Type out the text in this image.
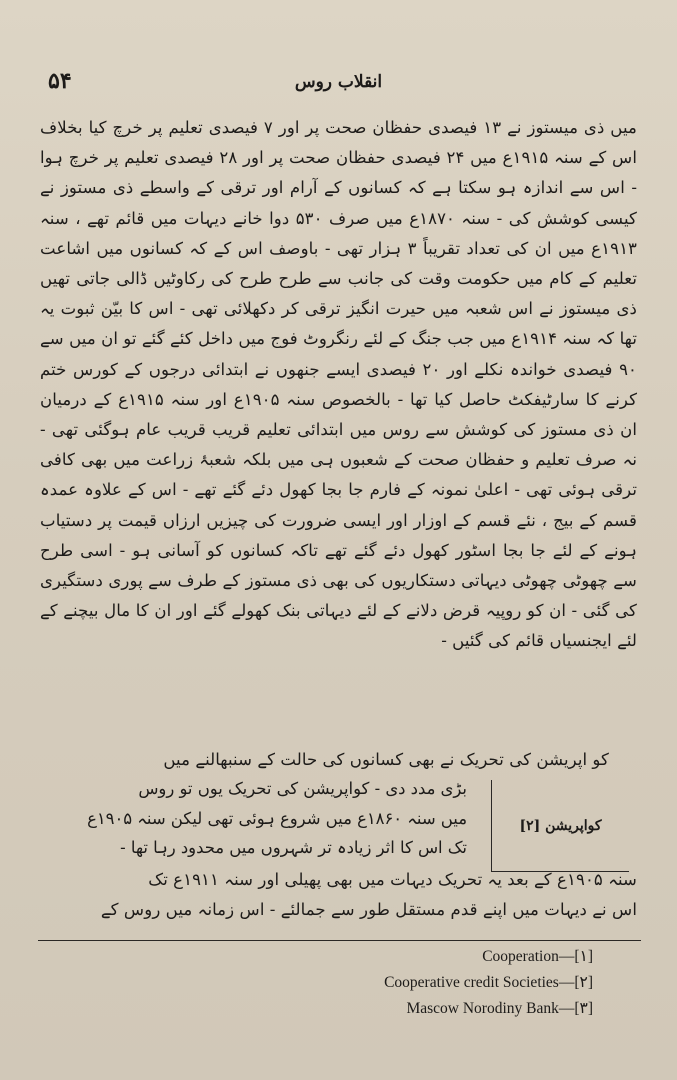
۵۴	انقلاب روس

میں ذی میستوز نے ۱۳ فیصدی حفظان صحت پر اور ۷ فیصدی تعلیم پر خرچ کیا بخلاف اس کے سنہ ۱۹۱۵ع میں ۲۴ فیصدی حفظان صحت پر اور ۲۸ فیصدی تعلیم پر خرچ ہوا - اس سے اندازہ ہو سکتا ہے کہ کسانوں کے آرام اور ترقی کے واسطے ذی مستوز نے کیسی کوشش کی - سنہ ۱۸۷۰ع میں صرف ۵۳۰ دوا خانے دیہات میں قائم تھے ، سنہ ۱۹۱۳ع میں ان کی تعداد تقریباً ۳ ہزار تھی - باوصف اس کے کہ کسانوں میں اشاعت تعلیم کے کام میں حکومت وقت کی جانب سے طرح طرح کی رکاوٹیں ڈالی جاتی تھیں ذی میستوز نے اس شعبہ میں حیرت انگیز ترقی کر دکھلائی تھی - اس کا بیّن ثبوت یہ تھا کہ سنہ ۱۹۱۴ع میں جب جنگ کے لئے رنگروٹ فوج میں داخل کئے گئے تو ان میں سے ۹۰ فیصدی خواندہ نکلے اور ۲۰ فیصدی ایسے جنھوں نے ابتدائی درجوں کے کورس ختم کرنے کا سارٹیفکٹ حاصل کیا تھا - بالخصوص سنہ ۱۹۰۵ع اور سنہ ۱۹۱۵ع کے درمیان ان ذی مستوز کی کوشش سے روس میں ابتدائی تعلیم قریب قریب عام ہوگئی تھی - نہ صرف تعلیم و حفظان صحت کے شعبوں ہی میں بلکہ شعبۂ زراعت میں بھی کافی ترقی ہوئی تھی - اعلیٰ نمونہ کے فارم جا بجا کھول دئے گئے تھے - اس کے علاوہ عمدہ قسم کے بیج ، نئے قسم کے اوزار اور ایسی ضرورت کی چیزیں ارزاں قیمت پر دستیاب ہونے کے لئے جا بجا اسٹور کھول دئے گئے تھے تاکہ کسانوں کو آسانی ہو - اسی طرح سے چھوٹی چھوٹی دیہاتی دستکاریوں کی بھی ذی مستوز کے طرف سے پوری دستگیری کی گئی - ان کو روپیہ قرض دلانے کے لئے دیہاتی بنک کھولے گئے اور ان کا مال بیچنے کے لئے ایجنسیاں قائم کی گئیں -

کو اپریشن کی تحریک نے بھی کسانوں کی حالت کے سنبھالنے میں
کواپریشن [۲]
بڑی مدد دی - کواپریشن کی تحریک یوں تو روس
میں سنہ ۱۸۶۰ع میں شروع ہوئی تھی لیکن سنہ ۱۹۰۵ع
تک اس کا اثر زیادہ تر شہروں میں محدود رہا تھا -
سنہ ۱۹۰۵ع کے بعد یہ تحریک دیہات میں بھی پھیلی اور سنہ ۱۹۱۱ع تک
اس نے دیہات میں اپنے قدم مستقل طور سے جمالئے - اس زمانہ میں روس کے
Cooperation—[۱]
Cooperative credit Societies—[۲]
Mascow Norodiny Bank—[۳]
